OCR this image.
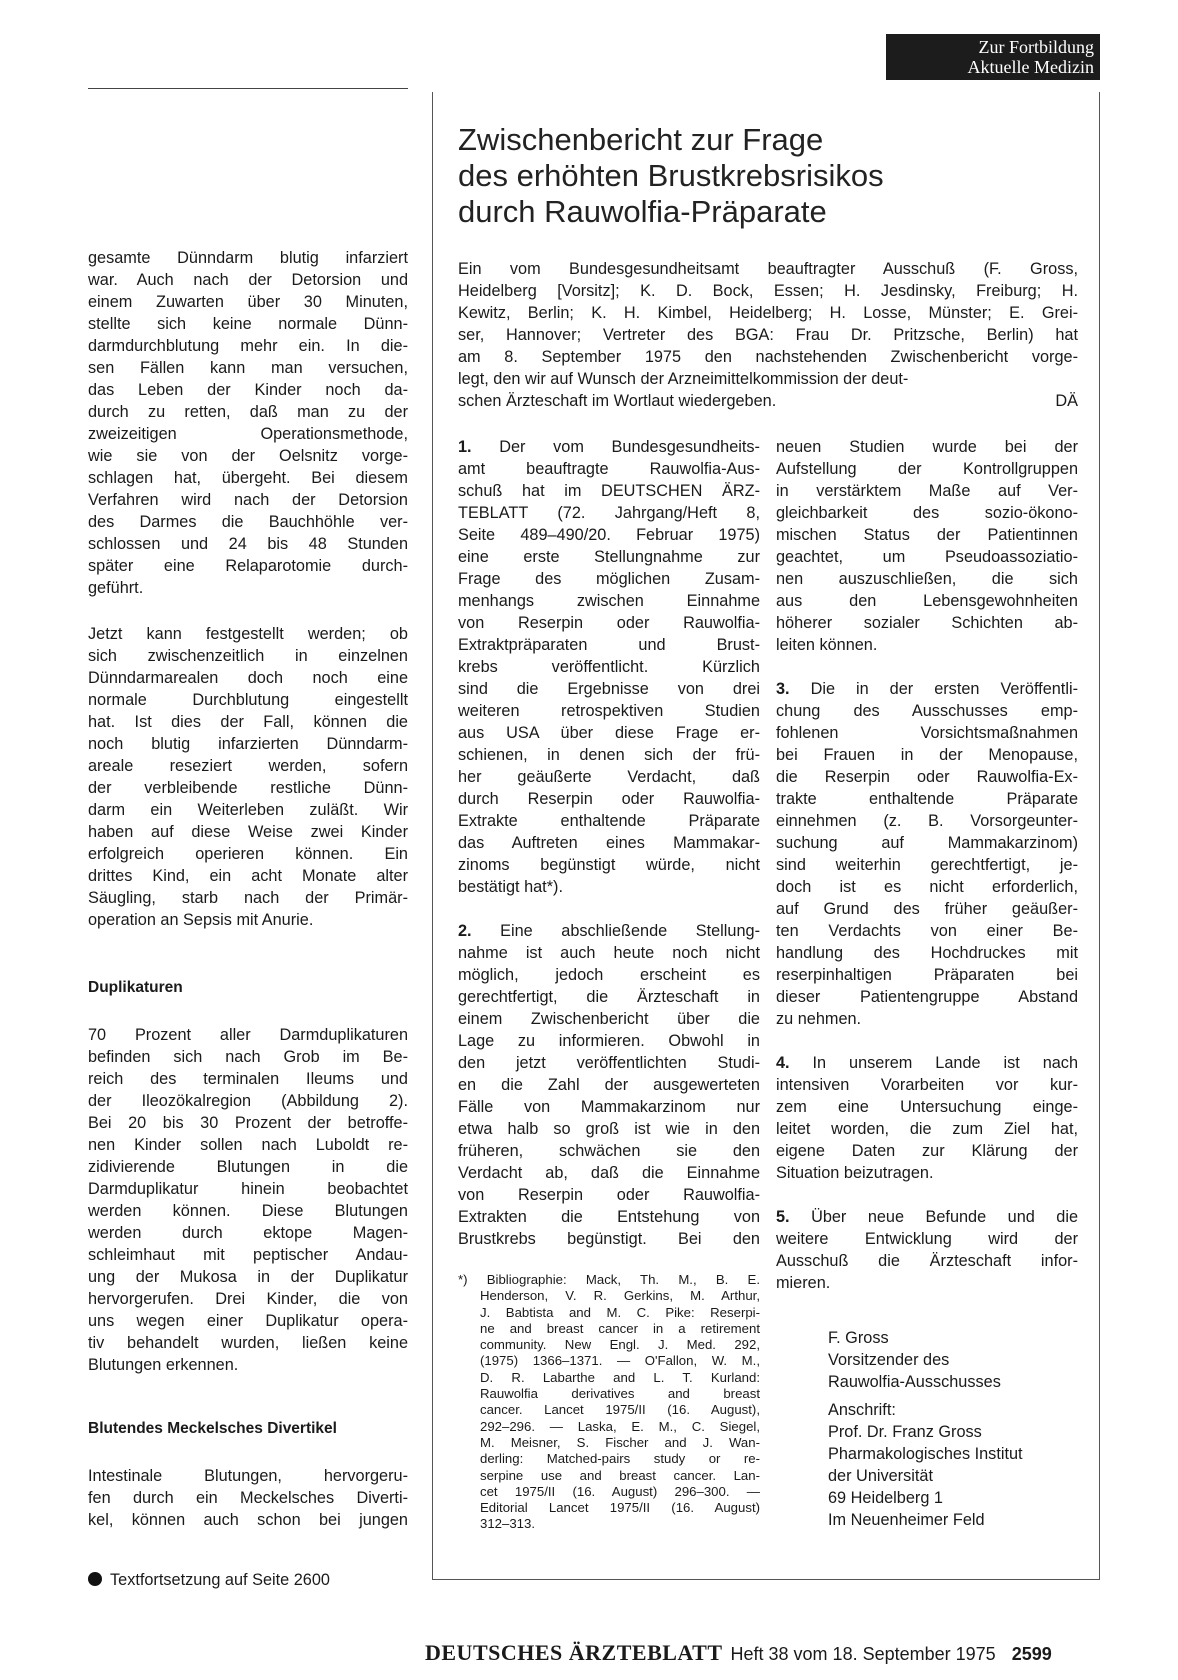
Zur Fortbildung
Aktuelle Medizin
gesamte Dünndarm blutig infarziert
war. Auch nach der Detorsion und
einem Zuwarten über 30 Minuten,
stellte sich keine normale Dünn-
darmdurchblutung mehr ein. In die-
sen Fällen kann man versuchen,
das Leben der Kinder noch da-
durch zu retten, daß man zu der
zweizeitigen Operationsmethode,
wie sie von der Oelsnitz vorge-
schlagen hat, übergeht. Bei diesem
Verfahren wird nach der Detorsion
des Darmes die Bauchhöhle ver-
schlossen und 24 bis 48 Stunden
später eine Relaparotomie durch-
geführt.
Jetzt kann festgestellt werden; ob
sich zwischenzeitlich in einzelnen
Dünndarmarealen doch noch eine
normale Durchblutung eingestellt
hat. Ist dies der Fall, können die
noch blutig infarzierten Dünndarm-
areale reseziert werden, sofern
der verbleibende restliche Dünn-
darm ein Weiterleben zuläßt. Wir
haben auf diese Weise zwei Kinder
erfolgreich operieren können. Ein
drittes Kind, ein acht Monate alter
Säugling, starb nach der Primär-
operation an Sepsis mit Anurie.
Duplikaturen
70 Prozent aller Darmduplikaturen
befinden sich nach Grob im Be-
reich des terminalen Ileums und
der Ileozökalregion (Abbildung 2).
Bei 20 bis 30 Prozent der betroffe-
nen Kinder sollen nach Luboldt re-
zidivierende Blutungen in die
Darmduplikatur hinein beobachtet
werden können. Diese Blutungen
werden durch ektope Magen-
schleimhaut mit peptischer Andau-
ung der Mukosa in der Duplikatur
hervorgerufen. Drei Kinder, die von
uns wegen einer Duplikatur opera-
tiv behandelt wurden, ließen keine
Blutungen erkennen.
Blutendes Meckelsches Divertikel
Intestinale Blutungen, hervorgeru-
fen durch ein Meckelsches Diverti-
kel, können auch schon bei jungen
Textfortsetzung auf Seite 2600
Zwischenbericht zur Frage
des erhöhten Brustkrebsrisikos
durch Rauwolfia-Präparate
Ein vom Bundesgesundheitsamt beauftragter Ausschuß (F. Gross,
Heidelberg [Vorsitz]; K. D. Bock, Essen; H. Jesdinsky, Freiburg; H.
Kewitz, Berlin; K. H. Kimbel, Heidelberg; H. Losse, Münster; E. Grei-
ser, Hannover; Vertreter des BGA: Frau Dr. Pritzsche, Berlin) hat
am 8. September 1975 den nachstehenden Zwischenbericht vorge-
legt, den wir auf Wunsch der Arzneimittelkommission der deut-
schen Ärzteschaft im Wortlaut wiedergeben.	DÄ

1. Der vom Bundesgesundheits-
amt beauftragte Rauwolfia-Aus-
schuß hat im DEUTSCHEN ÄRZ-
TEBLATT (72. Jahrgang/Heft 8,
Seite 489–490/20. Februar 1975)
eine erste Stellungnahme zur
Frage des möglichen Zusam-
menhangs zwischen Einnahme
von Reserpin oder Rauwolfia-
Extraktpräparaten und Brust-
krebs veröffentlicht. Kürzlich
sind die Ergebnisse von drei
weiteren retrospektiven Studien
aus USA über diese Frage er-
schienen, in denen sich der frü-
her geäußerte Verdacht, daß
durch Reserpin oder Rauwolfia-
Extrakte enthaltende Präparate
das Auftreten eines Mammakar-
zinoms begünstigt würde, nicht
bestätigt hat*).

2. Eine abschließende Stellung-
nahme ist auch heute noch nicht
möglich, jedoch erscheint es
gerechtfertigt, die Ärzteschaft in
einem Zwischenbericht über die
Lage zu informieren. Obwohl in
den jetzt veröffentlichten Studi-
en die Zahl der ausgewerteten
Fälle von Mammakarzinom nur
etwa halb so groß ist wie in den
früheren, schwächen sie den
Verdacht ab, daß die Einnahme
von Reserpin oder Rauwolfia-
Extrakten die Entstehung von
Brustkrebs begünstigt. Bei den

*) Bibliographie: Mack, Th. M., B. E.
Henderson, V. R. Gerkins, M. Arthur,
J. Babtista and M. C. Pike: Reserpi-
ne and breast cancer in a retirement
community. New Engl. J. Med. 292,
(1975) 1366–1371. — O'Fallon, W. M.,
D. R. Labarthe and L. T. Kurland:
Rauwolfia derivatives and breast
cancer. Lancet 1975/II (16. August),
292–296. — Laska, E. M., C. Siegel,
M. Meisner, S. Fischer and J. Wan-
derling: Matched-pairs study or re-
serpine use and breast cancer. Lan-
cet 1975/II (16. August) 296–300. —
Editorial Lancet 1975/II (16. August)
312–313.

neuen Studien wurde bei der
Aufstellung der Kontrollgruppen
in verstärktem Maße auf Ver-
gleichbarkeit des sozio-ökono-
mischen Status der Patientinnen
geachtet, um Pseudoassoziatio-
nen auszuschließen, die sich
aus den Lebensgewohnheiten
höherer sozialer Schichten ab-
leiten können.

3. Die in der ersten Veröffentli-
chung des Ausschusses emp-
fohlenen Vorsichtsmaßnahmen
bei Frauen in der Menopause,
die Reserpin oder Rauwolfia-Ex-
trakte enthaltende Präparate
einnehmen (z. B. Vorsorgeunter-
suchung auf Mammakarzinom)
sind weiterhin gerechtfertigt, je-
doch ist es nicht erforderlich,
auf Grund des früher geäußer-
ten Verdachts von einer Be-
handlung des Hochdruckes mit
reserpinhaltigen Präparaten bei
dieser Patientengruppe Abstand
zu nehmen.

4. In unserem Lande ist nach
intensiven Vorarbeiten vor kur-
zem eine Untersuchung einge-
leitet worden, die zum Ziel hat,
eigene Daten zur Klärung der
Situation beizutragen.

5. Über neue Befunde und die
weitere Entwicklung wird der
Ausschuß die Ärzteschaft infor-
mieren.

F. Gross
Vorsitzender des
Rauwolfia-Ausschusses
Anschrift:
Prof. Dr. Franz Gross
Pharmakologisches Institut
der Universität
69 Heidelberg 1
Im Neuenheimer Feld
DEUTSCHES ÄRZTEBLATT Heft 38 vom 18. September 1975 2599
